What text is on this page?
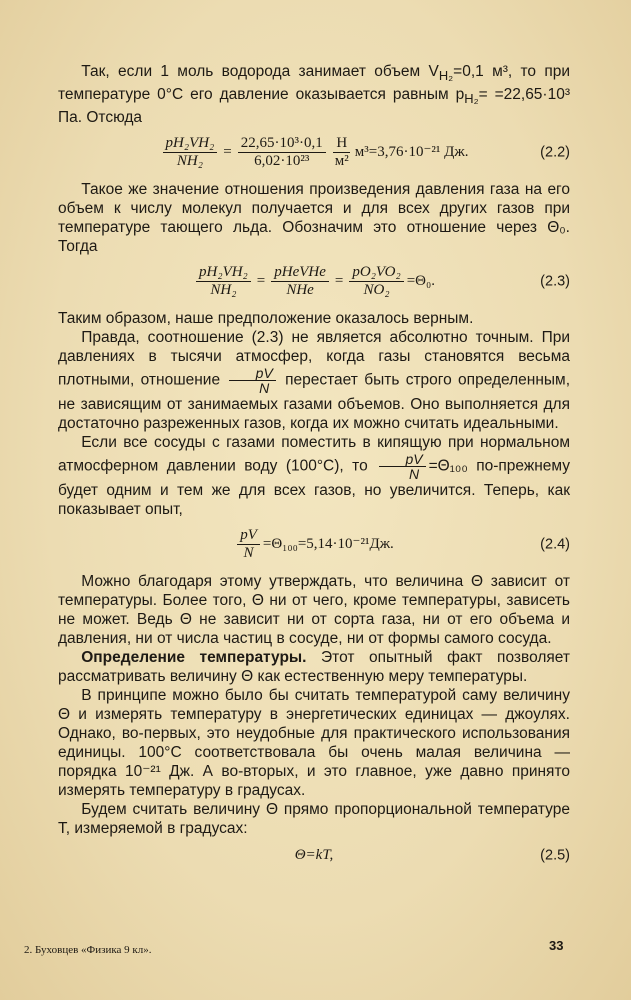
Так, если 1 моль водорода занимает объем $V_{H_2}=0,1$ м³, то при температуре 0°С его давление оказывается равным $p_{H_2}= =22,65\cdot 10^3$ Па. Отсюда

$\frac{\text{pH₂VH₂}}{\text{NH₂}} = \frac{\text{22,65·10³·0,1}}{\text{6,02·10²³}} \frac{Н}{\text{м²}} м^3 =3,76\cdot 10^{-21}$ Дж.	(2.2)

Такое же значение отношения произведения давления газа на его объем к числу молекул получается и для всех других газов при температуре тающего льда. Обозначим это отношение через Θ₀. Тогда

$\frac{\text{pH₂VH₂}}{\text{NH₂}} = \frac{\text{pHeVHe}}{\text{NHe}} = \frac{\text{pO₂VO₂}}{\text{NO₂}} =\Theta_0$.	(2.3)

Таким образом, наше предположение оказалось верным.

Правда, соотношение (2.3) не является абсолютно точным. При давлениях в тысячи атмосфер, когда газы становятся весьма плотными, отношение $\frac{pV}{N}$ перестает быть строго определенным, не зависящим от занимаемых газами объемов. Оно выполняется для достаточно разреженных газов, когда их можно считать идеальными.

Если все сосуды с газами поместить в кипящую при нормальном атмосферном давлении воду (100°С), то $\frac{pV}{N} =\Theta_{100}$ по-прежнему будет одним и тем же для всех газов, но увеличится. Теперь, как показывает опыт,

$\frac{pV}{N} =\Theta_{100}=5,14\cdot 10^{-21}Дж$.	(2.4)

Можно благодаря этому утверждать, что величина Θ зависит от температуры. Более того, Θ ни от чего, кроме температуры, зависеть не может. Ведь Θ не зависит ни от сорта газа, ни от его объема и давления, ни от числа частиц в сосуде, ни от формы самого сосуда.

Определение температуры. Этот опытный факт позволяет рассматривать величину Θ как естественную меру температуры.

В принципе можно было бы считать температурой саму величину Θ и измерять температуру в энергетических единицах — джоулях. Однако, во-первых, это неудобные для практического использования единицы. 100°С соответствовала бы очень малая величина — порядка 10⁻²¹ Дж. А во-вторых, и это главное, уже давно принято измерять температуру в градусах.

Будем считать величину Θ прямо пропорциональной температуре T, измеряемой в градусах:

Θ=kT,	(2.5)
2. Буховцев «Физика 9 кл».	33
